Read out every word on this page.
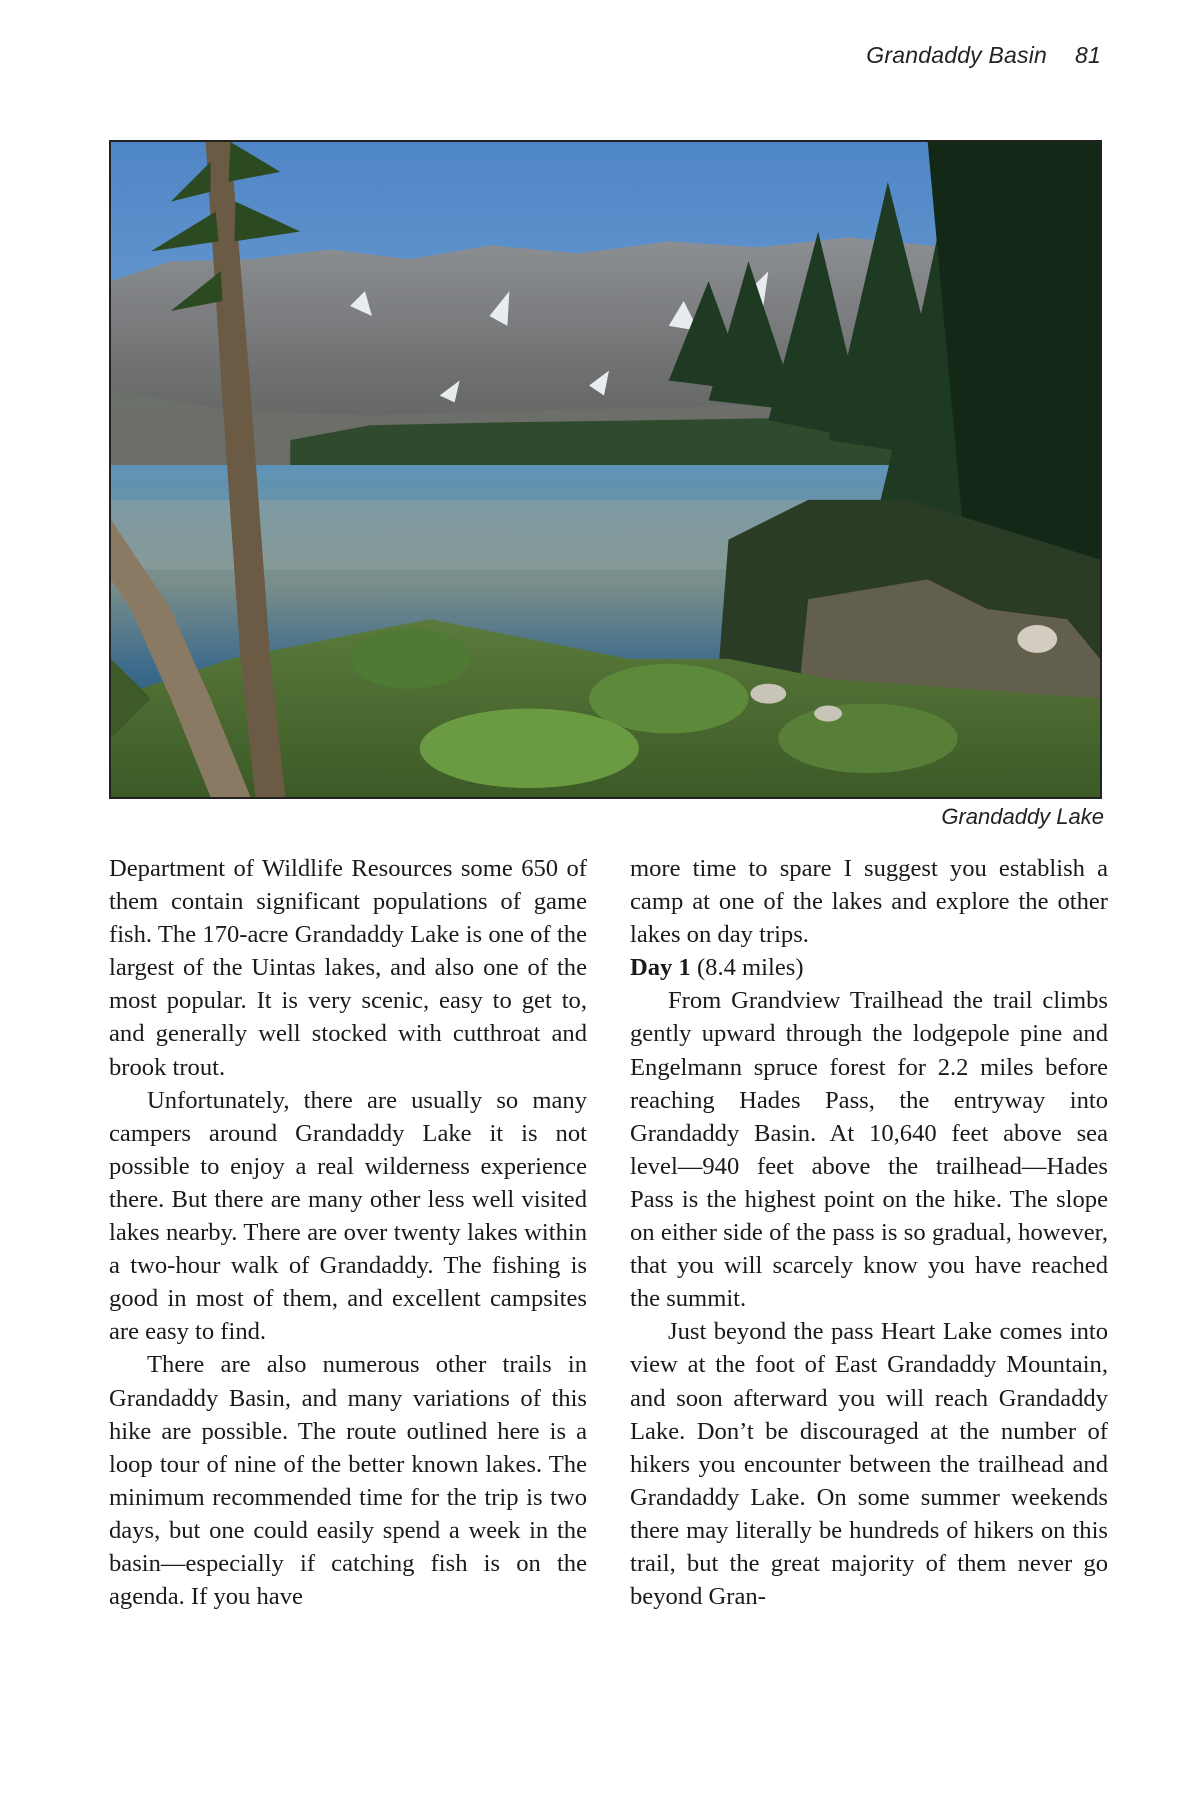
Grandaddy Basin 81
Grandaddy Lake

Department of Wildlife Resources some 650 of them contain significant populations of game fish. The 170-acre Grandaddy Lake is one of the largest of the Uintas lakes, and also one of the most popular. It is very scenic, easy to get to, and generally well stocked with cutthroat and brook trout.

Unfortunately, there are usually so many campers around Grandaddy Lake it is not possible to enjoy a real wilderness experience there. But there are many other less well visited lakes nearby. There are over twenty lakes within a two-hour walk of Grandaddy. The fishing is good in most of them, and excellent campsites are easy to find.

There are also numerous other trails in Grandaddy Basin, and many variations of this hike are possible. The route outlined here is a loop tour of nine of the better known lakes. The minimum recommended time for the trip is two days, but one could easily spend a week in the basin—especially if catching fish is on the agenda. If you have

more time to spare I suggest you establish a camp at one of the lakes and explore the other lakes on day trips.

Day 1 (8.4 miles)

From Grandview Trailhead the trail climbs gently upward through the lodgepole pine and Engelmann spruce forest for 2.2 miles before reaching Hades Pass, the entryway into Grandaddy Basin. At 10,640 feet above sea level—940 feet above the trailhead—Hades Pass is the highest point on the hike. The slope on either side of the pass is so gradual, however, that you will scarcely know you have reached the summit.

Just beyond the pass Heart Lake comes into view at the foot of East Grandaddy Mountain, and soon afterward you will reach Grandaddy Lake. Don’t be discouraged at the number of hikers you encounter between the trailhead and Grandaddy Lake. On some summer weekends there may literally be hundreds of hikers on this trail, but the great majority of them never go beyond Gran-
